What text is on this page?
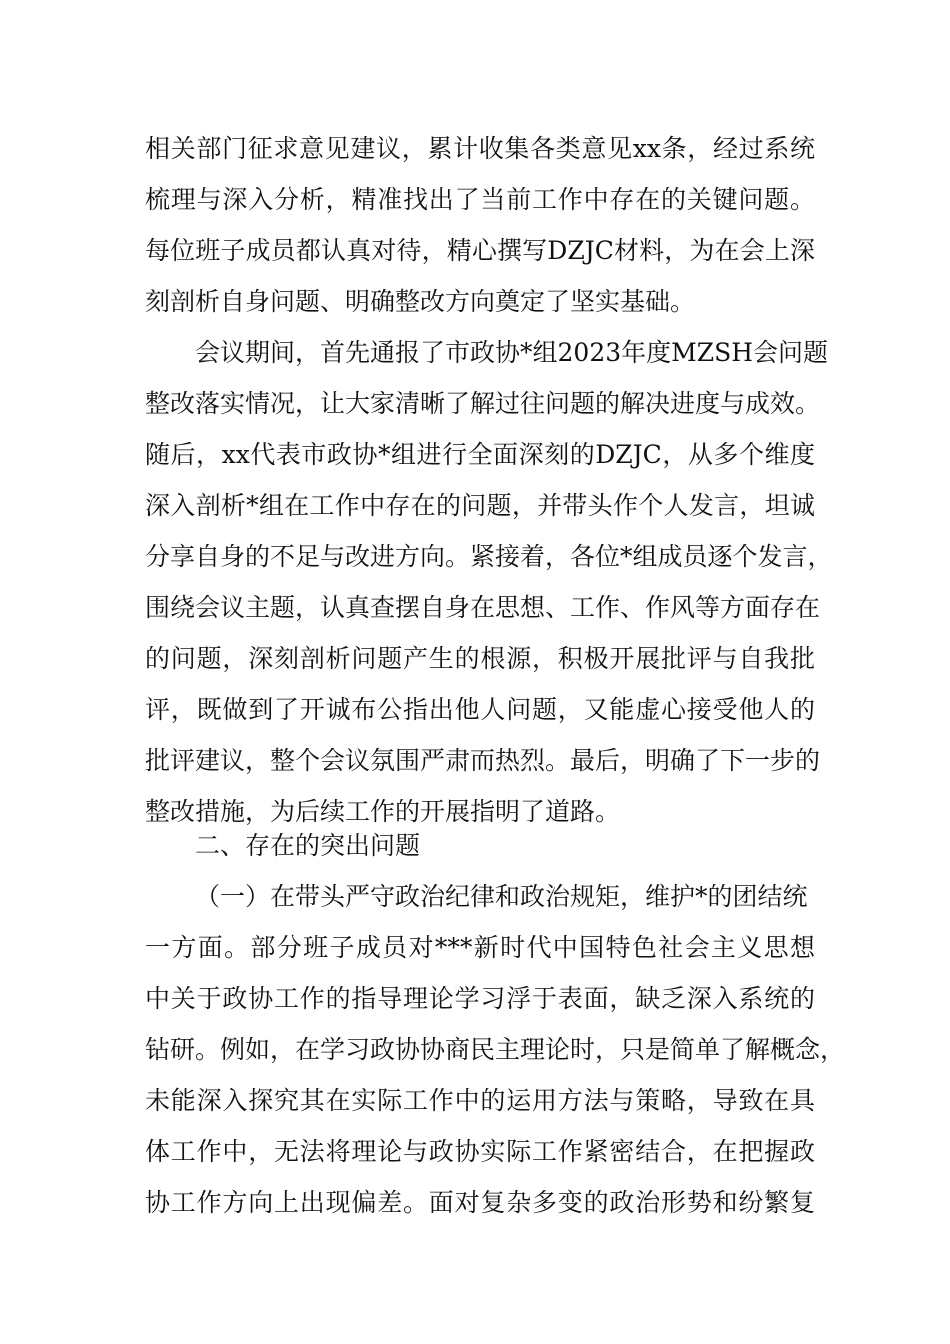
相关部门征求意见建议，累计收集各类意见xx条，经过系统
梳理与深入分析，精准找出了当前工作中存在的关键问题。
每位班子成员都认真对待，精心撰写DZJC材料，为在会上深
刻剖析自身问题、明确整改方向奠定了坚实基础。
会议期间，首先通报了市政协*组2023年度MZSH会问题
整改落实情况，让大家清晰了解过往问题的解决进度与成效。
随后，xx代表市政协*组进行全面深刻的DZJC，从多个维度
深入剖析*组在工作中存在的问题，并带头作个人发言，坦诚
分享自身的不足与改进方向。紧接着，各位*组成员逐个发言，
围绕会议主题，认真查摆自身在思想、工作、作风等方面存在
的问题，深刻剖析问题产生的根源，积极开展批评与自我批
评，既做到了开诚布公指出他人问题，又能虚心接受他人的
批评建议，整个会议氛围严肃而热烈。最后，明确了下一步的
整改措施，为后续工作的开展指明了道路。
二、存在的突出问题
（一）在带头严守政治纪律和政治规矩，维护*的团结统
一方面。部分班子成员对***新时代中国特色社会主义思想
中关于政协工作的指导理论学习浮于表面，缺乏深入系统的
钻研。例如，在学习政协协商民主理论时，只是简单了解概念，
未能深入探究其在实际工作中的运用方法与策略，导致在具
体工作中，无法将理论与政协实际工作紧密结合，在把握政
协工作方向上出现偏差。面对复杂多变的政治形势和纷繁复
